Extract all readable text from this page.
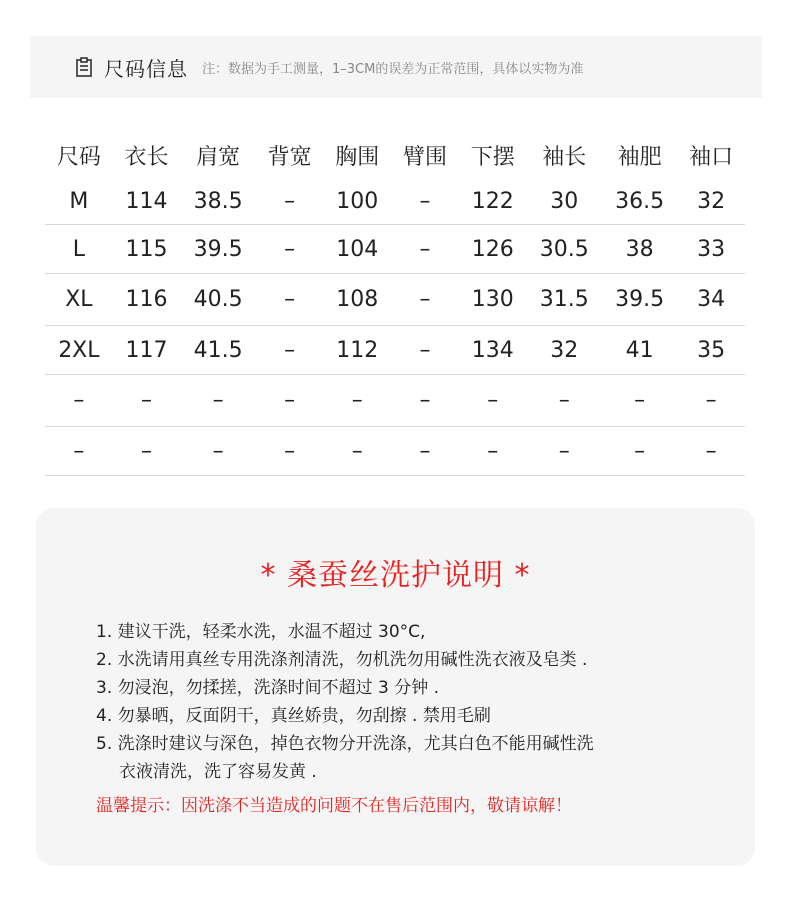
尺码信息 注：数据为手工测量，1–3CM的误差为正常范围，具体以实物为准
尺码	衣长	肩宽	背宽	胸围	臂围	下摆	袖长	袖肥	袖口
M	114	38.5	–	100	–	122	30	36.5	32
L	115	39.5	–	104	–	126	30.5	38	33
XL	116	40.5	–	108	–	130	31.5	39.5	34
2XL	117	41.5	–	112	–	134	32	41	35
–	–	–	–	–	–	–	–	–	–
–	–	–	–	–	–	–	–	–	–
* 桑蚕丝洗护说明 *
1. 建议干洗，轻柔水洗，水温不超过 30°C,
2. 水洗请用真丝专用洗涤剂清洗，勿机洗勿用碱性洗衣液及皂类 .
3. 勿浸泡，勿揉搓，洗涤时间不超过 3 分钟 .
4. 勿暴晒，反面阴干，真丝娇贵，勿刮擦 . 禁用毛刷
5. 洗涤时建议与深色，掉色衣物分开洗涤，尤其白色不能用碱性洗
衣液清洗，洗了容易发黄 .
温馨提示：因洗涤不当造成的问题不在售后范围内，敬请谅解！
